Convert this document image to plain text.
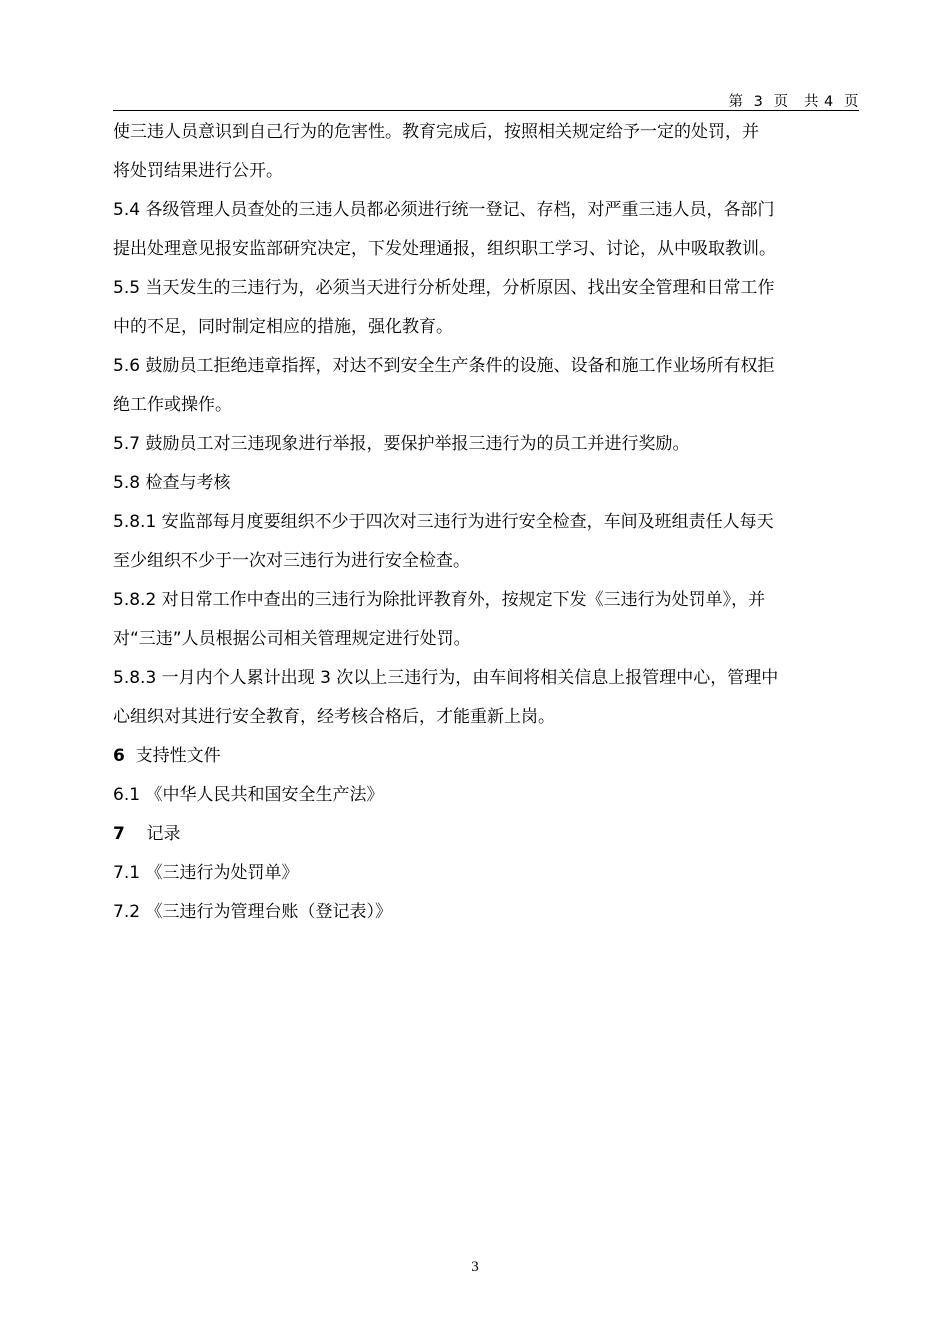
第  3  页   共 4  页
使三违人员意识到自己行为的危害性。教育完成后，按照相关规定给予一定的处罚，并
将处罚结果进行公开。
5.4 各级管理人员查处的三违人员都必须进行统一登记、存档，对严重三违人员，各部门
提出处理意见报安监部研究决定，下发处理通报，组织职工学习、讨论，从中吸取教训。
5.5 当天发生的三违行为，必须当天进行分析处理，分析原因、找出安全管理和日常工作
中的不足，同时制定相应的措施，强化教育。
5.6 鼓励员工拒绝违章指挥，对达不到安全生产条件的设施、设备和施工作业场所有权拒
绝工作或操作。
5.7 鼓励员工对三违现象进行举报，要保护举报三违行为的员工并进行奖励。
5.8 检查与考核
5.8.1 安监部每月度要组织不少于四次对三违行为进行安全检查，车间及班组责任人每天
至少组织不少于一次对三违行为进行安全检查。
5.8.2 对日常工作中查出的三违行为除批评教育外，按规定下发《三违行为处罚单》，并
对“三违”人员根据公司相关管理规定进行处罚。
5.8.3 一月内个人累计出现 3 次以上三违行为，由车间将相关信息上报管理中心，管理中
心组织对其进行安全教育，经考核合格后，才能重新上岗。
6  支持性文件
6.1 《中华人民共和国安全生产法》
7    记录
7.1 《三违行为处罚单》
7.2 《三违行为管理台账（登记表）》
3
